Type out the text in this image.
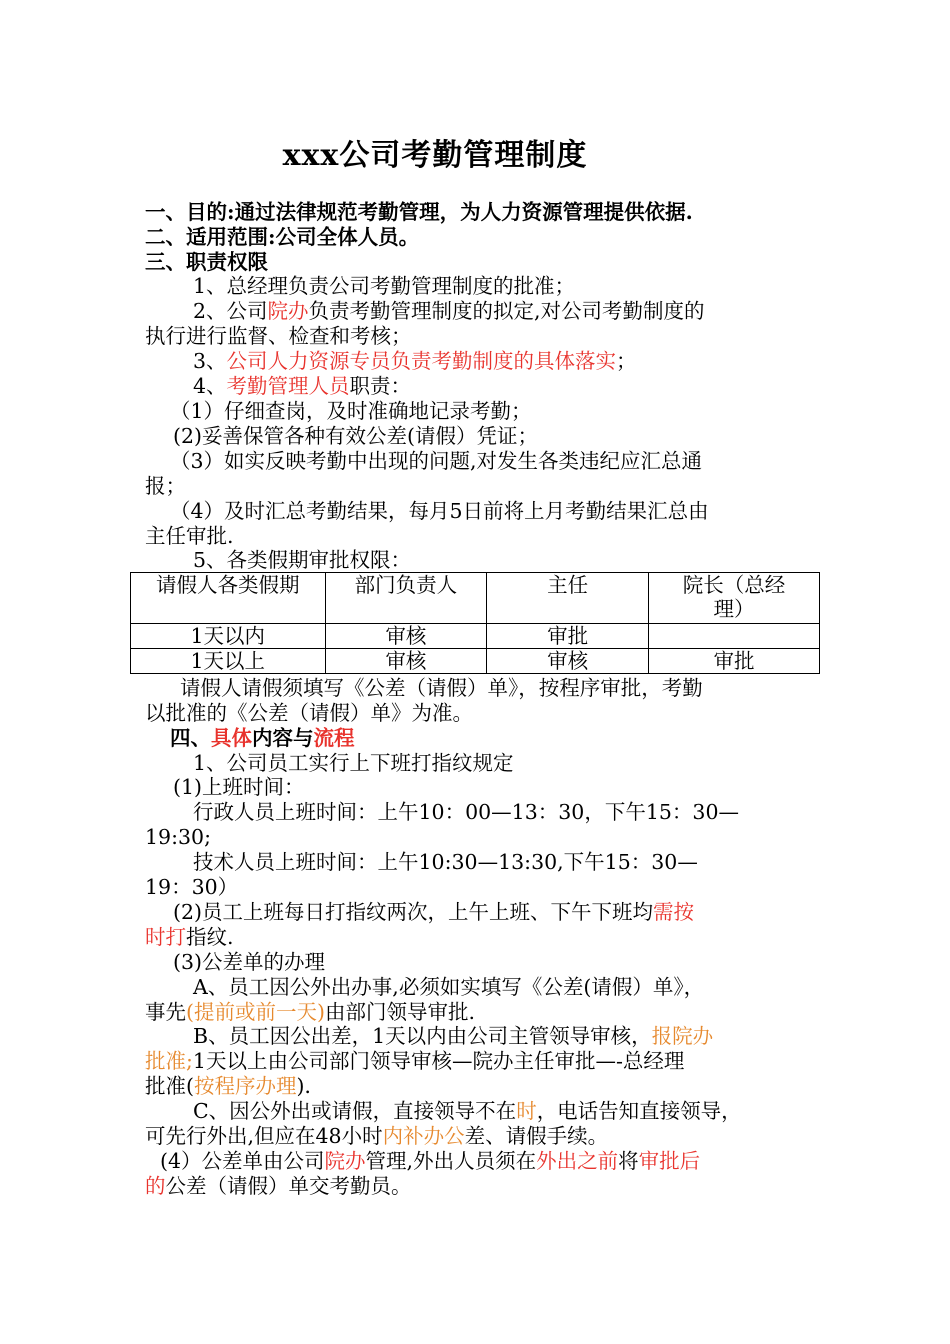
xxx公司考勤管理制度
一、目的:通过法律规范考勤管理，为人力资源管理提供依据.
二、适用范围:公司全体人员。
三、职责权限
1、总经理负责公司考勤管理制度的批准；
2、公司院办负责考勤管理制度的拟定,对公司考勤制度的
执行进行监督、检查和考核；
3、公司人力资源专员负责考勤制度的具体落实；
4、考勤管理人员职责：
（1）仔细查岗，及时准确地记录考勤；
(2)妥善保管各种有效公差(请假）凭证；
（3）如实反映考勤中出现的问题,对发生各类违纪应汇总通
报；
（4）及时汇总考勤结果，每月5日前将上月考勤结果汇总由
主任审批.
5、各类假期审批权限：
请假人各类假期	部门负责人	主任	院长（总经
理）

1天以内	审核	审批	
1天以上	审核	审核	审批
请假人请假须填写《公差（请假）单》，按程序审批，考勤
以批准的《公差（请假）单》为准。
四、具体内容与流程
1、公司员工实行上下班打指纹规定
(1)上班时间：
行政人员上班时间：上午10：00—13：30，下午15：30—
19:30;
技术人员上班时间：上午10:30—13:30,下午15：30—
19：30）
(2)员工上班每日打指纹两次，上午上班、下午下班均需按
时打指纹.
(3)公差单的办理
A、员工因公外出办事,必须如实填写《公差(请假）单》，
事先(提前或前一天)由部门领导审批.
B、员工因公出差，1天以内由公司主管领导审核，报院办
批准;1天以上由公司部门领导审核—院办主任审批—-总经理
批准(按程序办理)．
C、因公外出或请假，直接领导不在时，电话告知直接领导，
可先行外出,但应在48小时内补办公差、请假手续。
(4）公差单由公司院办管理,外出人员须在外出之前将审批后
的公差（请假）单交考勤员。
